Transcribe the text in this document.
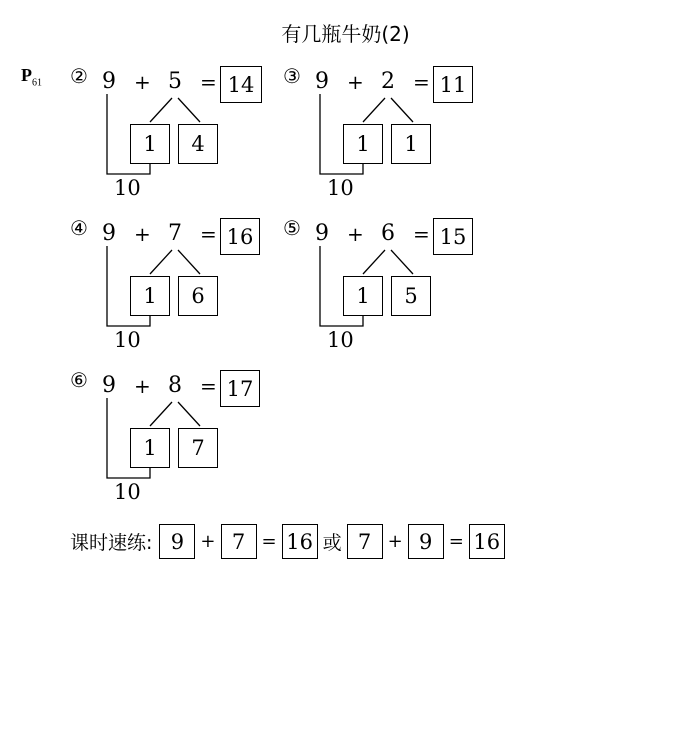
有几瓶牛奶(2)
$P_{61}$ ② 9 + 5 = 14
1	4
10
③ 9 + 2 = 11
1	1
10
④ 9 + 7 = 16
1	6
10
⑤ 9 + 6 = 15
1	5
10
⑥ 9 + 8 = 17
1	7
10
课时速练: 9 + 7 = 16 或 7 + 9 = 16
